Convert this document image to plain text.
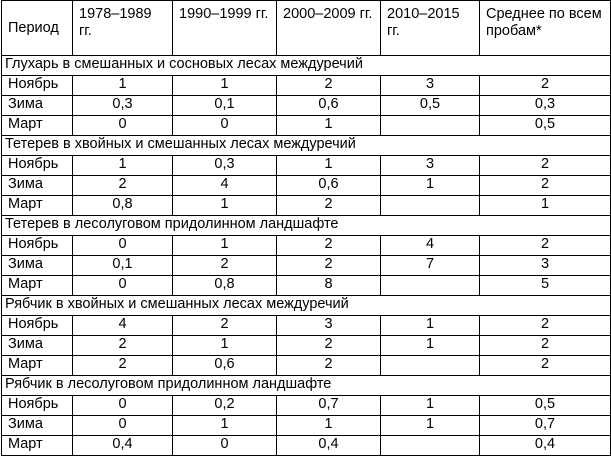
Период	1978–1989 гг.	1990–1999 гг.	2000–2009 гг.	2010–2015 гг.	Среднее по всем пробам*
Глухарь в смешанных и сосновых лесах междуречий					
Ноябрь	1	1	2	3	2
Зима	0,3	0,1	0,6	0,5	0,3
Март	0	0	1		0,5
Тетерев в хвойных и смешанных лесах междуречий					
Ноябрь	1	0,3	1	3	2
Зима	2	4	0,6	1	2
Март	0,8	1	2		1
Тетерев в лесолуговом придолинном ландшафте					
Ноябрь	0	1	2	4	2
Зима	0,1	2	2	7	3
Март	0	0,8	8		5
Рябчик в хвойных и смешанных лесах междуречий					
Ноябрь	4	2	3	1	2
Зима	2	1	2	1	2
Март	2	0,6	2		2
Рябчик в лесолуговом придолинном ландшафте					
Ноябрь	0	0,2	0,7	1	0,5
Зима	0	1	1	1	0,7
Март	0,4	0	0,4		0,4
